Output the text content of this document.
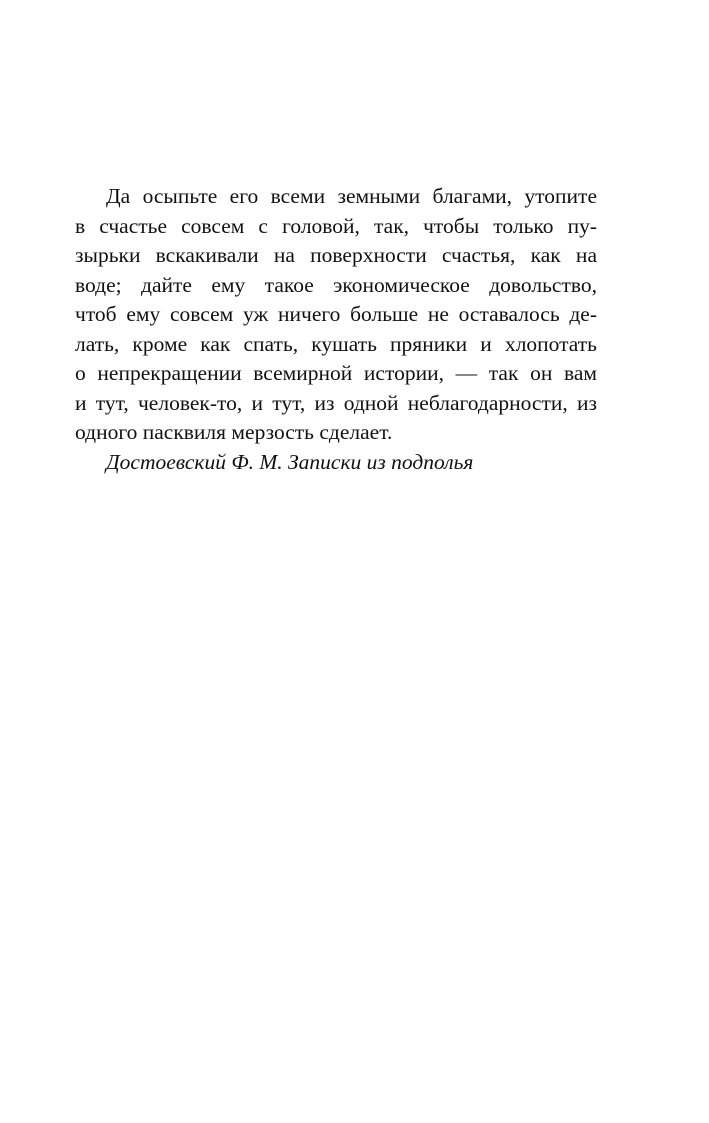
Да осыпьте его всеми земными благами, утопите
в счастье совсем с головой, так, чтобы только пу-
зырьки вскакивали на поверхности счастья, как на
воде; дайте ему такое экономическое довольство,
чтоб ему совсем уж ничего больше не оставалось де-
лать, кроме как спать, кушать пряники и хлопотать
о непрекращении всемирной истории, — так он вам
и тут, человек-то, и тут, из одной неблагодарности, из
одного пасквиля мерзость сделает.
Достоевский Ф. М. Записки из подполья
